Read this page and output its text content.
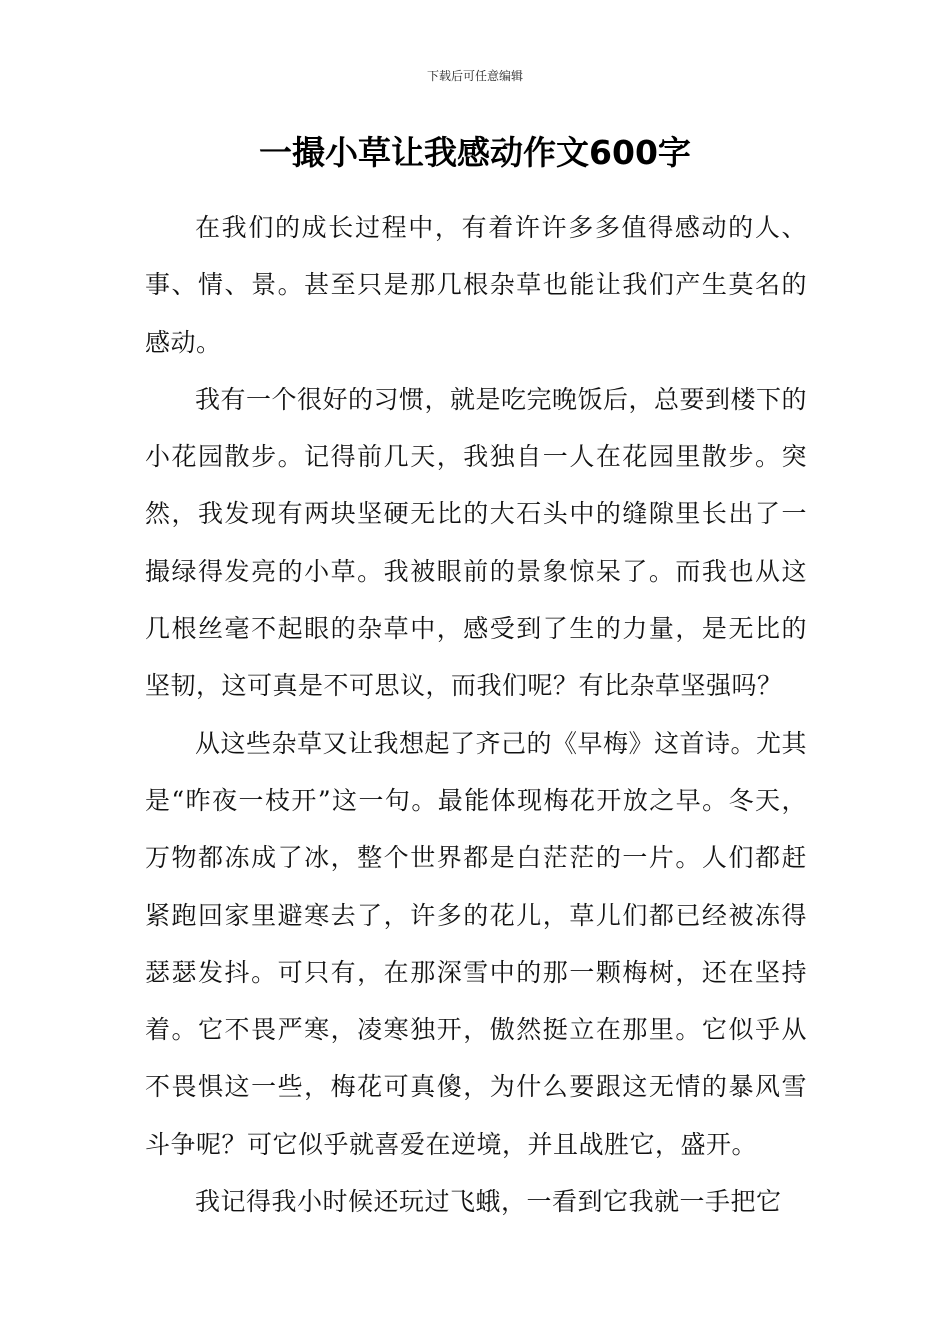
下载后可任意编辑
一撮小草让我感动作文600字

在我们的成长过程中，有着许许多多值得感动的人、事、情、景。甚至只是那几根杂草也能让我们产生莫名的感动。

我有一个很好的习惯，就是吃完晚饭后，总要到楼下的小花园散步。记得前几天，我独自一人在花园里散步。突然，我发现有两块坚硬无比的大石头中的缝隙里长出了一撮绿得发亮的小草。我被眼前的景象惊呆了。而我也从这几根丝毫不起眼的杂草中，感受到了生的力量，是无比的坚韧，这可真是不可思议，而我们呢？有比杂草坚强吗？

从这些杂草又让我想起了齐己的《早梅》这首诗。尤其是“昨夜一枝开”这一句。最能体现梅花开放之早。冬天，万物都冻成了冰，整个世界都是白茫茫的一片。人们都赶紧跑回家里避寒去了，许多的花儿，草儿们都已经被冻得瑟瑟发抖。可只有，在那深雪中的那一颗梅树，还在坚持着。它不畏严寒，凌寒独开，傲然挺立在那里。它似乎从不畏惧这一些，梅花可真傻，为什么要跟这无情的暴风雪斗争呢？可它似乎就喜爱在逆境，并且战胜它，盛开。

我记得我小时候还玩过飞蛾，一看到它我就一手把它
